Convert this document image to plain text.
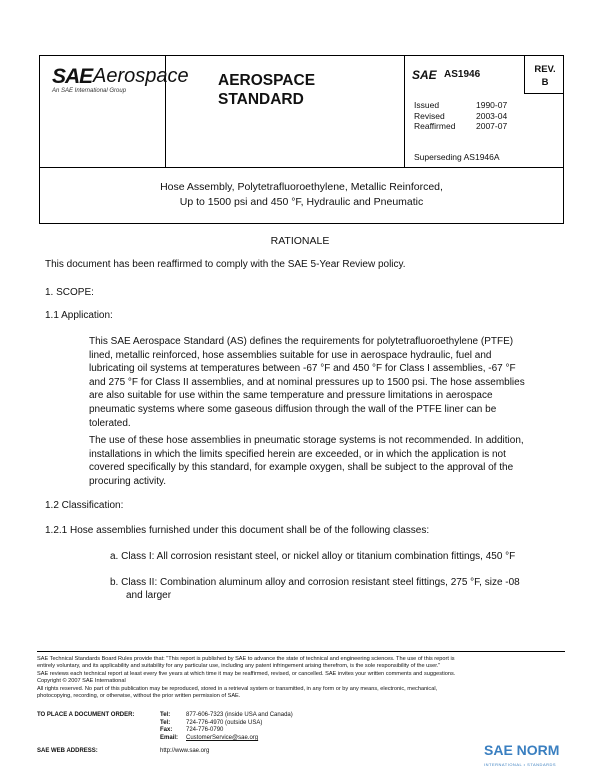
SAE Aerospace
An SAE International Group
AEROSPACE
STANDARD
SAE AS1946	REV.
B
Issued	1990-07
Revised	2003-04
Reaffirmed 2007-07
Superseding AS1946A
Hose Assembly, Polytetrafluoroethylene, Metallic Reinforced,
Up to 1500 psi and 450 °F, Hydraulic and Pneumatic
RATIONALE
This document has been reaffirmed to comply with the SAE 5-Year Review policy.
1. SCOPE:
1.1 Application:
This SAE Aerospace Standard (AS) defines the requirements for polytetrafluoroethylene (PTFE)
lined, metallic reinforced, hose assemblies suitable for use in aerospace hydraulic, fuel and
lubricating oil systems at temperatures between -67 °F and 450 °F for Class I assemblies, -67 °F
and 275 °F for Class II assemblies, and at nominal pressures up to 1500 psi. The hose assemblies
are also suitable for use within the same temperature and pressure limitations in aerospace
pneumatic systems where some gaseous diffusion through the wall of the PTFE liner can be
tolerated.
The use of these hose assemblies in pneumatic storage systems is not recommended. In addition,
installations in which the limits specified herein are exceeded, or in which the application is not
covered specifically by this standard, for example oxygen, shall be subject to the approval of the
procuring activity.
1.2 Classification:
1.2.1 Hose assemblies furnished under this document shall be of the following classes:
a. Class I: All corrosion resistant steel, or nickel alloy or titanium combination fittings, 450 °F
b. Class II: Combination aluminum alloy and corrosion resistant steel fittings, 275 °F, size -08
and larger
SAE Technical Standards Board Rules provide that: "This report is published by SAE to advance the state of technical and engineering sciences. The use of this report is
entirely voluntary, and its applicability and suitability for any particular use, including any patent infringement arising therefrom, is the sole responsibility of the user."
SAE reviews each technical report at least every five years at which time it may be reaffirmed, revised, or cancelled. SAE invites your written comments and suggestions.
Copyright © 2007 SAE International
All rights reserved. No part of this publication may be reproduced, stored in a retrieval system or transmitted, in any form or by any means, electronic, mechanical,
photocopying, recording, or otherwise, without the prior written permission of SAE.
TO PLACE A DOCUMENT ORDER:	Tel:	877-606-7323 (inside USA and Canada)
Tel:	724-776-4970 (outside USA)
Fax: 724-776-0790
Email: CustomerService@sae.org
SAE WEB ADDRESS:	http://www.sae.org	SAE NORM
INTERNATIONAL • STANDARDS
